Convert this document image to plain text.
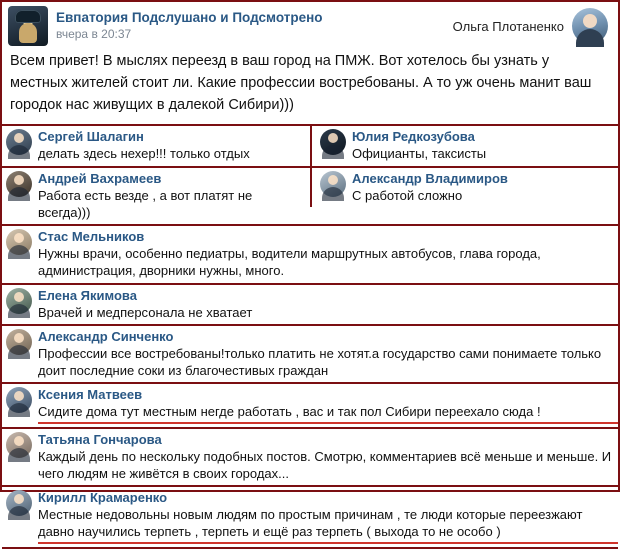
Евпатория Подслушано и Подсмотрено
вчера в 20:37
Ольга Плотаненко
Всем привет! В мыслях переезд в ваш город на ПМЖ. Вот хотелось бы узнать у местных жителей стоит ли. Какие профессии востребованы. А то уж очень манит ваш городок нас живущих в далекой Сибири)))
Сергей Шалагин
делать здесь нехер!!! только отдых
Юлия Редкозубова
Официанты, таксисты
Андрей Вахрамеев
Работа есть везде , а вот платят не всегда)))
Александр Владимиров
С работой сложно
Стас Мельников
Нужны врачи, особенно педиатры, водители маршрутных автобусов, глава города, администрация, дворники нужны, много.
Елена Якимова
Врачей и медперсонала не хватает
Александр Синченко
Профессии все востребованы!только платить не хотят.а государство сами понимаете только доит последние соки из благочестивых граждан
Ксения Матвеев
Сидите дома тут местным негде работать , вас и так пол Сибири переехало сюда !
Татьяна Гончарова
Каждый день по нескольку подобных постов. Смотрю, комментариев всё меньше и меньше. И чего людям не живётся в своих городах...
Кирилл Крамаренко
Местные недовольны новым людям по простым причинам , те люди которые переезжают давно научились терпеть , терпеть и ещё раз терпеть ( выхода то не особо )
